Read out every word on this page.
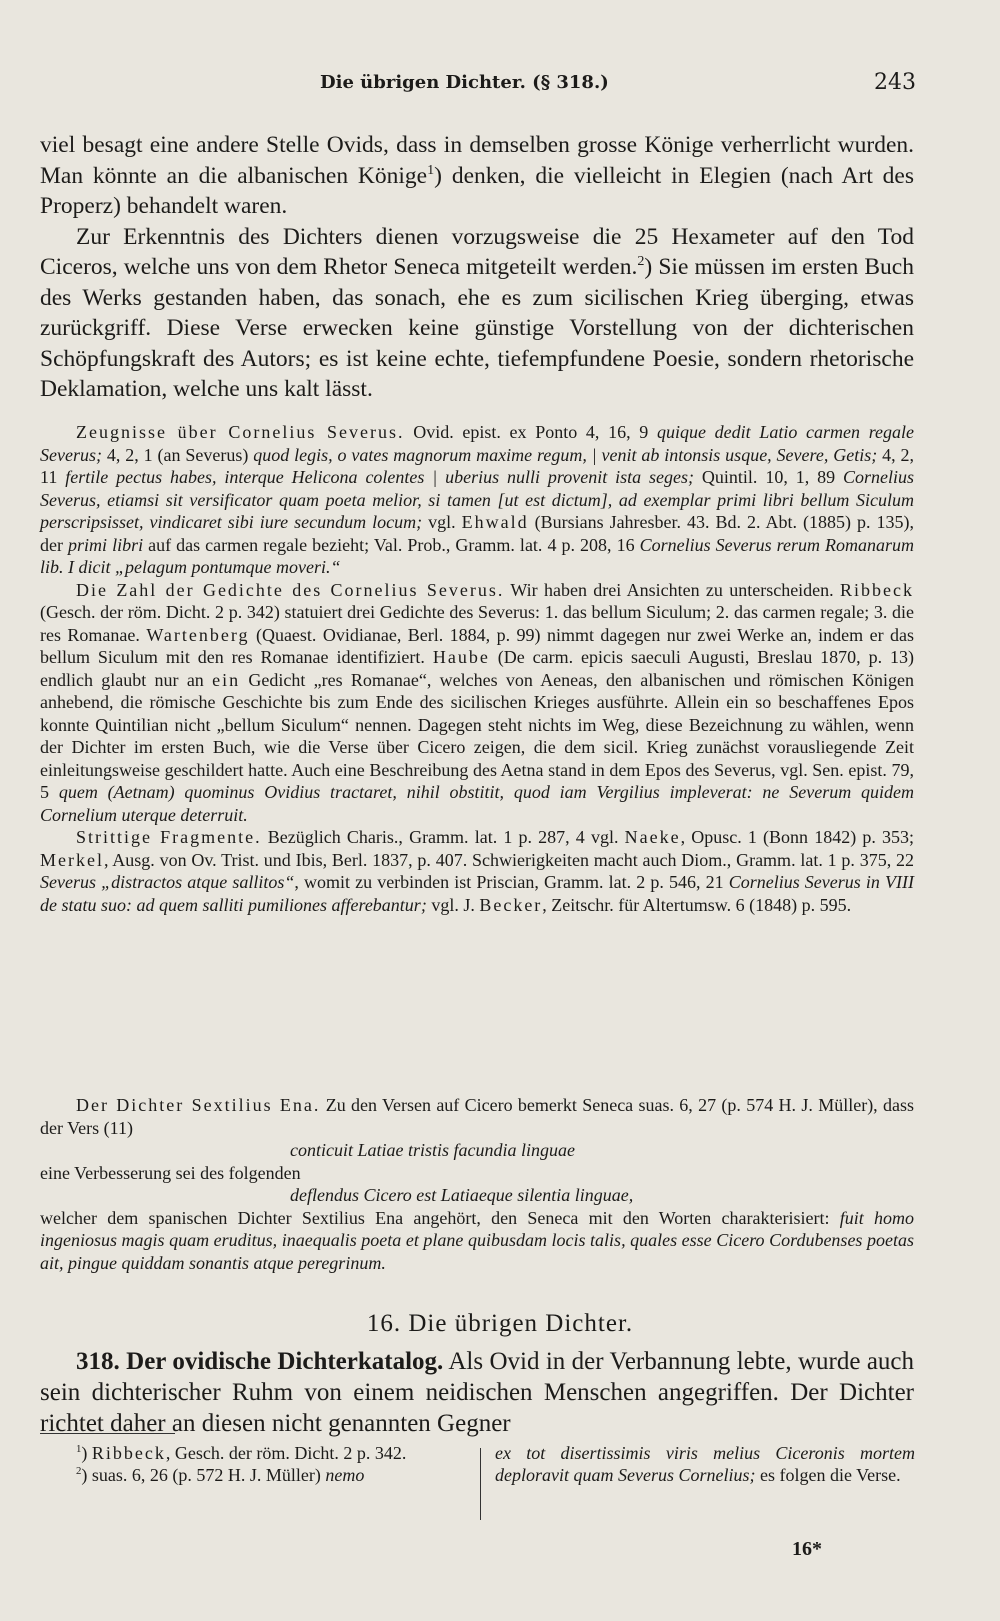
Die übrigen Dichter. (§ 318.)	243

viel besagt eine andere Stelle Ovids, dass in demselben grosse Könige verherrlicht wurden. Man könnte an die albanischen Könige$^1$) denken, die vielleicht in Elegien (nach Art des Properz) behandelt waren.

Zur Erkenntnis des Dichters dienen vorzugsweise die 25 Hexameter auf den Tod Ciceros, welche uns von dem Rhetor Seneca mitgeteilt werden.$^2$) Sie müssen im ersten Buch des Werks gestanden haben, das sonach, ehe es zum sicilischen Krieg überging, etwas zurückgriff. Diese Verse erwecken keine günstige Vorstellung von der dichterischen Schöpfungskraft des Autors; es ist keine echte, tiefempfundene Poesie, sondern rhetorische Deklamation, welche uns kalt lässt.

Zeugnisse über Cornelius Severus. Ovid. epist. ex Ponto 4, 16, 9 quique dedit Latio carmen regale Severus; 4, 2, 1 (an Severus) quod legis, o vates magnorum maxime regum, | venit ab intonsis usque, Severe, Getis; 4, 2, 11 fertile pectus habes, interque Helicona colentes | uberius nulli provenit ista seges; Quintil. 10, 1, 89 Cornelius Severus, etiamsi sit versificator quam poeta melior, si tamen [ut est dictum], ad exemplar primi libri bellum Siculum perscripsisset, vindicaret sibi iure secundum locum; vgl. Ehwald (Bursians Jahresber. 43. Bd. 2. Abt. (1885) p. 135), der primi libri auf das carmen regale bezieht; Val. Prob., Gramm. lat. 4 p. 208, 16 Cornelius Severus rerum Romanarum lib. I dicit „pelagum pontumque moveri.“

Die Zahl der Gedichte des Cornelius Severus. Wir haben drei Ansichten zu unterscheiden. Ribbeck (Gesch. der röm. Dicht. 2 p. 342) statuiert drei Gedichte des Severus: 1. das bellum Siculum; 2. das carmen regale; 3. die res Romanae. Wartenberg (Quaest. Ovidianae, Berl. 1884, p. 99) nimmt dagegen nur zwei Werke an, indem er das bellum Siculum mit den res Romanae identifiziert. Haube (De carm. epicis saeculi Augusti, Breslau 1870, p. 13) endlich glaubt nur an ein Gedicht „res Romanae“, welches von Aeneas, den albanischen und römischen Königen anhebend, die römische Geschichte bis zum Ende des sicilischen Krieges ausführte. Allein ein so beschaffenes Epos konnte Quintilian nicht „bellum Siculum“ nennen. Dagegen steht nichts im Weg, diese Bezeichnung zu wählen, wenn der Dichter im ersten Buch, wie die Verse über Cicero zeigen, die dem sicil. Krieg zunächst vorausliegende Zeit einleitungsweise geschildert hatte. Auch eine Beschreibung des Aetna stand in dem Epos des Severus, vgl. Sen. epist. 79, 5 quem (Aetnam) quominus Ovidius tractaret, nihil obstitit, quod iam Vergilius impleverat: ne Severum quidem Cornelium uterque deterruit.

Strittige Fragmente. Bezüglich Charis., Gramm. lat. 1 p. 287, 4 vgl. Naeke, Opusc. 1 (Bonn 1842) p. 353; Merkel, Ausg. von Ov. Trist. und Ibis, Berl. 1837, p. 407. Schwierigkeiten macht auch Diom., Gramm. lat. 1 p. 375, 22 Severus „distractos atque sallitos“, womit zu verbinden ist Priscian, Gramm. lat. 2 p. 546, 21 Cornelius Severus in VIII de statu suo: ad quem salliti pumiliones afferebantur; vgl. J. Becker, Zeitschr. für Altertumsw. 6 (1848) p. 595.

Der Dichter Sextilius Ena. Zu den Versen auf Cicero bemerkt Seneca suas. 6, 27 (p. 574 H. J. Müller), dass der Vers (11)

conticuit Latiae tristis facundia linguae

eine Verbesserung sei des folgenden

deflendus Cicero est Latiaeque silentia linguae,

welcher dem spanischen Dichter Sextilius Ena angehört, den Seneca mit den Worten charakterisiert: fuit homo ingeniosus magis quam eruditus, inaequalis poeta et plane quibusdam locis talis, quales esse Cicero Cordubenses poetas ait, pingue quiddam sonantis atque peregrinum.

16. Die übrigen Dichter.

318. Der ovidische Dichterkatalog. Als Ovid in der Verbannung lebte, wurde auch sein dichterischer Ruhm von einem neidischen Menschen angegriffen. Der Dichter richtet daher an diesen nicht genannten Gegner

$^1$) Ribbeck, Gesch. der röm. Dicht. 2 p. 342.

$^2$) suas. 6, 26 (p. 572 H. J. Müller) nemo

ex tot disertissimis viris melius Ciceronis mortem deploravit quam Severus Cornelius; es folgen die Verse.
16*
